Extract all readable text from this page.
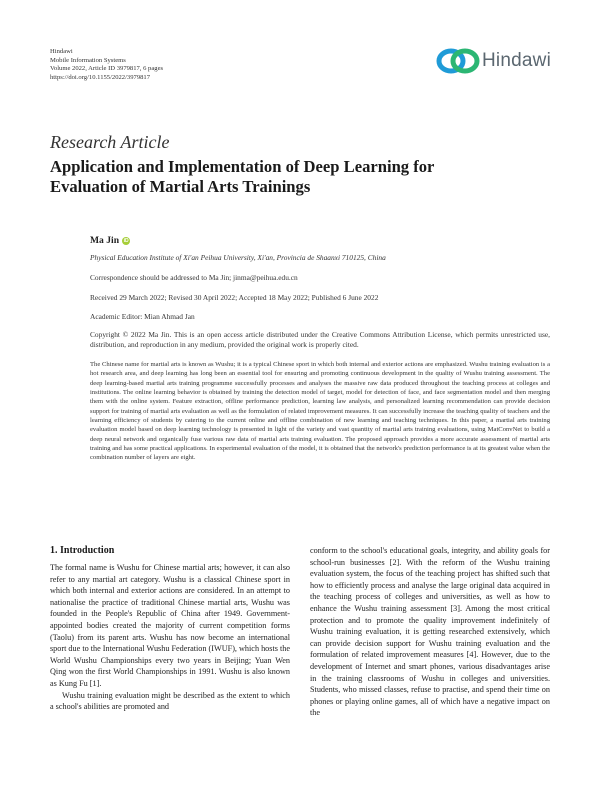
Hindawi
Mobile Information Systems
Volume 2022, Article ID 3979817, 6 pages
https://doi.org/10.1155/2022/3979817
Hindawi
Research Article
Application and Implementation of Deep Learning for
Evaluation of Martial Arts Trainings
Ma Jin iD
Physical Education Institute of Xi'an Peihua University, Xi'an, Provincia de Shaanxi 710125, China
Correspondence should be addressed to Ma Jin; jinma@peihua.edu.cn
Received 29 March 2022; Revised 30 April 2022; Accepted 18 May 2022; Published 6 June 2022
Academic Editor: Mian Ahmad Jan
Copyright © 2022 Ma Jin. This is an open access article distributed under the Creative Commons Attribution License, which permits unrestricted use, distribution, and reproduction in any medium, provided the original work is properly cited.
The Chinese name for martial arts is known as Wushu; it is a typical Chinese sport in which both internal and exterior actions are emphasized. Wushu training evaluation is a hot research area, and deep learning has long been an essential tool for ensuring and promoting continuous development in the quality of Wushu training assessment. The deep learning-based martial arts training programme successfully processes and analyses the massive raw data produced throughout the teaching process at colleges and institutions. The online learning behavior is obtained by training the detection model of target, model for detection of face, and face segmentation model and then merging them with the online system. Feature extraction, offline performance prediction, learning law analysis, and personalized learning recommendation can provide decision support for training of martial arts evaluation as well as the formulation of related improvement measures. It can successfully increase the teaching quality of teachers and the learning efficiency of students by catering to the current online and offline combination of new learning and teaching techniques. In this paper, a martial arts training evaluation model based on deep learning technology is presented in light of the variety and vast quantity of martial arts training evaluations, using MatConvNet to build a deep neural network and organically fuse various raw data of martial arts training evaluation. The proposed approach provides a more accurate assessment of martial arts training and has some practical applications. In experimental evaluation of the model, it is obtained that the network's prediction performance is at its greatest value when the combination number of layers are eight.
1. Introduction

The formal name is Wushu for Chinese martial arts; however, it can also refer to any martial art category. Wushu is a classical Chinese sport in which both internal and exterior actions are considered. In an attempt to nationalise the practice of traditional Chinese martial arts, Wushu was founded in the People's Republic of China after 1949. Government-appointed bodies created the majority of current competition forms (Taolu) from its parent arts. Wushu has now become an international sport due to the International Wushu Federation (IWUF), which hosts the World Wushu Championships every two years in Beijing; Yuan Wen Qing won the first World Championships in 1991. Wushu is also known as Kung Fu [1].

Wushu training evaluation might be described as the extent to which a school's abilities are promoted and

conform to the school's educational goals, integrity, and ability goals for school-run businesses [2]. With the reform of the Wushu training evaluation system, the focus of the teaching project has shifted such that how to efficiently process and analyse the large original data acquired in the teaching process of colleges and universities, as well as how to enhance the Wushu training assessment [3]. Among the most critical protection and to promote the quality improvement indefinitely of Wushu training evaluation, it is getting researched extensively, which can provide decision support for Wushu training evaluation and the formulation of related improvement measures [4]. However, due to the development of Internet and smart phones, various disadvantages arise in the training classrooms of Wushu in colleges and universities. Students, who missed classes, refuse to practise, and spend their time on phones or playing online games, all of which have a negative impact on the
